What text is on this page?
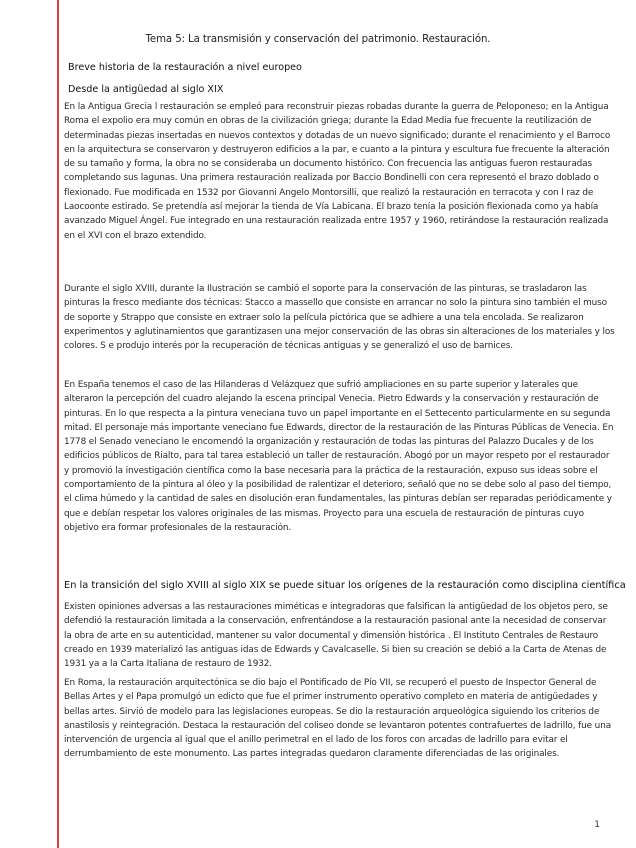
Tema 5: La transmisión y conservación del patrimonio. Restauración.
Breve historia de la restauración a nivel europeo
Desde la antigüedad al siglo XIX

En la Antigua Grecia l restauración se empleó para reconstruir piezas robadas durante la guerra de Peloponeso; en la Antigua Roma el expolio era muy común en obras de la civilización griega; durante la Edad Media fue frecuente la reutilización de determinadas piezas insertadas en nuevos contextos y dotadas de un nuevo significado; durante el renacimiento y el Barroco en la arquitectura se conservaron y destruyeron edificios a la par, e cuanto a la pintura y escultura fue frecuente la alteración de su tamaño y forma, la obra no se consideraba un documento histórico. Con frecuencia las antiguas fueron restauradas completando sus lagunas. Una primera restauración realizada por Baccio Bondinelli con cera representó el brazo doblado o flexionado. Fue modificada en 1532 por Giovanni Angelo Montorsilli, que realizó la restauración en terracota y con l raz de Laocoonte estirado. Se pretendía así mejorar la tienda de Vía Labicana. El brazo tenía la posición flexionada como ya había avanzado Miguel Ángel. Fue integrado en una restauración realizada entre 1957 y 1960, retirándose la restauración realizada en el XVI con el brazo extendido.

Durante el siglo XVIII, durante la Ilustración se cambió el soporte para la conservación de las pinturas, se trasladaron las pinturas la fresco mediante dos técnicas: Stacco a massello que consiste en arrancar no solo la pintura sino también el muso de soporte y Strappo que consiste en extraer solo la película pictórica que se adhiere a una tela encolada. Se realizaron experimentos y aglutinamientos que garantizasen una mejor conservación de las obras sin alteraciones de los materiales y los colores. S e produjo interés por la recuperación de técnicas antiguas y se generalizó el uso de barnices.

En España tenemos el caso de las Hilanderas d Velázquez que sufrió ampliaciones en su parte superior y laterales que alteraron la percepción del cuadro alejando la escena principal Venecia. Pietro Edwards y la conservación y restauración de pinturas. En lo que respecta a la pintura veneciana tuvo un papel importante en el Settecento particularmente en su segunda mitad. El personaje más importante veneciano fue Edwards, director de la restauración de las Pinturas Públicas de Venecia. En 1778 el Senado veneciano le encomendó la organización y restauración de todas las pinturas del Palazzo Ducales y de los edificios públicos de Rialto, para tal tarea estableció un taller de restauración. Abogó por un mayor respeto por el restaurador y promovió la investigación científica como la base necesaria para la práctica de la restauración, expuso sus ideas sobre el comportamiento de la pintura al óleo y la posibilidad de ralentizar el deterioro, señaló que no se debe solo al paso del tiempo, el clima húmedo y la cantidad de sales en disolución eran fundamentales, las pinturas debían ser reparadas periódicamente y que e debían respetar los valores originales de las mismas. Proyecto para una escuela de restauración de pinturas cuyo objetivo era formar profesionales de la restauración.

En la transición del siglo XVIII al siglo XIX se puede situar los orígenes de la restauración como disciplina científica

Existen opiniones adversas a las restauraciones miméticas e integradoras que falsifican la antigüedad de los objetos pero, se defendió la restauración limitada a la conservación, enfrentándose a la restauración pasional ante la necesidad de conservar la obra de arte en su autenticidad, mantener su valor documental y dimensión histórica . El Instituto Centrales de Restauro creado en 1939 materializó las antiguas idas de Edwards y Cavalcaselle. Si bien su creación se debió a la Carta de Atenas de 1931 ya a la Carta Italiana de restauro de 1932.

En Roma, la restauración arquitectónica se dio bajo el Pontificado de Pío VII, se recuperó el puesto de Inspector General de Bellas Artes y el Papa promulgó un edicto que fue el primer instrumento operativo completo en materia de antigüedades y bellas artes. Sirvió de modelo para las legislaciones europeas. Se dio la restauración arqueológica siguiendo los criterios de anastilosis y reintegración. Destaca la restauración del coliseo donde se levantaron potentes contrafuertes de ladrillo, fue una intervención de urgencia al igual que el anillo perimetral en el lado de los foros con arcadas de ladrillo para evitar el derrumbamiento de este monumento. Las partes integradas quedaron claramente diferenciadas de las originales.

1
